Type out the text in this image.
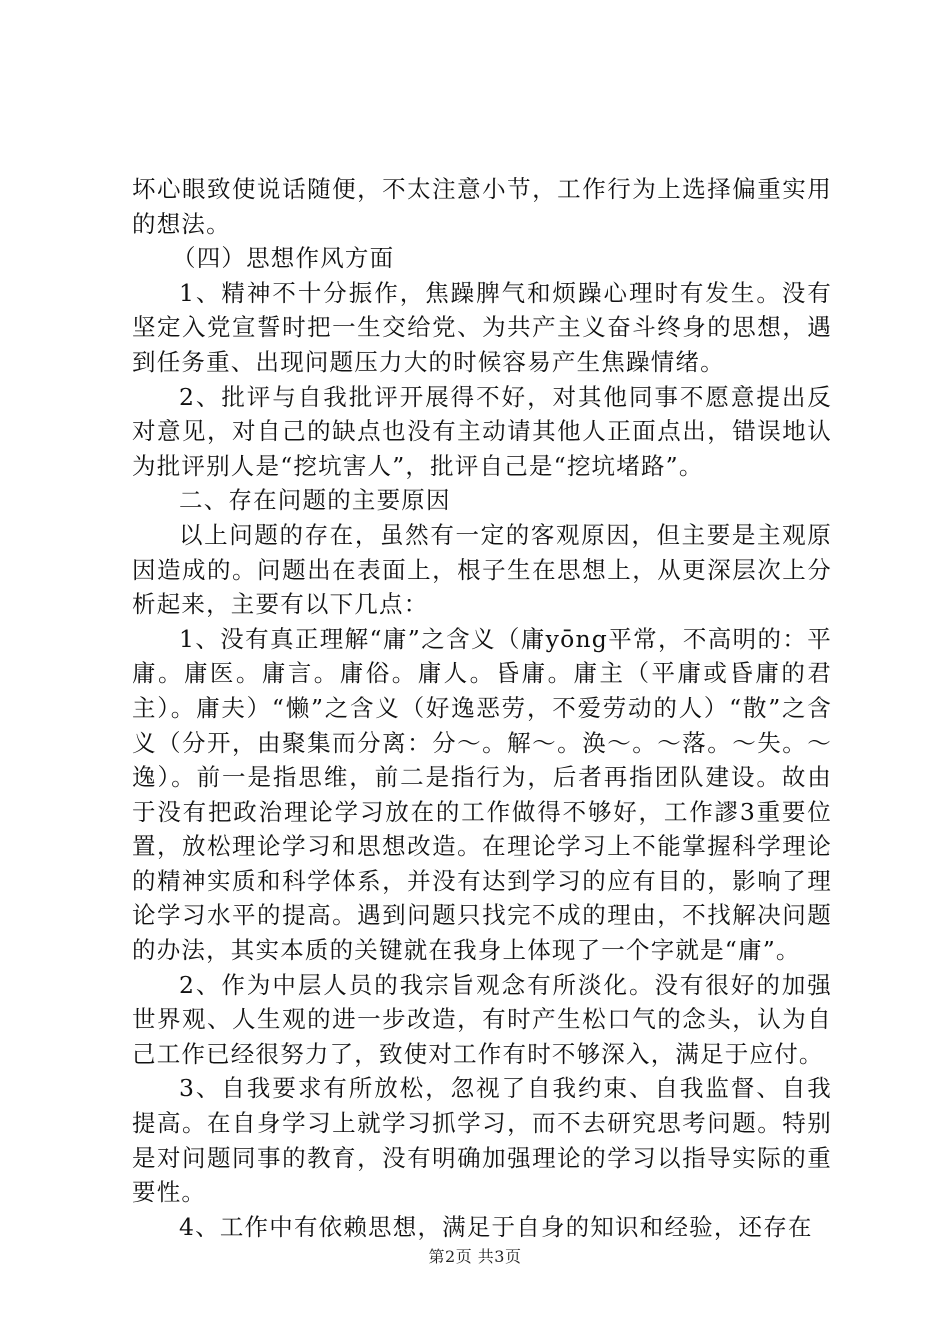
坏心眼致使说话随便，不太注意小节，工作行为上选择偏重实用的想法。

（四）思想作风方面

1、精神不十分振作，焦躁脾气和烦躁心理时有发生。没有坚定入党宣誓时把一生交给党、为共产主义奋斗终身的思想，遇到任务重、出现问题压力大的时候容易产生焦躁情绪。

2、批评与自我批评开展得不好，对其他同事不愿意提出反对意见，对自己的缺点也没有主动请其他人正面点出，错误地认为批评别人是“挖坑害人”，批评自己是“挖坑堵路”。

二、存在问题的主要原因

以上问题的存在，虽然有一定的客观原因，但主要是主观原因造成的。问题出在表面上，根子生在思想上，从更深层次上分析起来，主要有以下几点：

1、没有真正理解“庸”之含义（庸yōng平常，不高明的：平庸。庸医。庸言。庸俗。庸人。昏庸。庸主（平庸或昏庸的君主）。庸夫）“懒”之含义（好逸恶劳，不爱劳动的人）“散”之含义（分开，由聚集而分离：分～。解～。涣～。～落。～失。～逸）。前一是指思维，前二是指行为，后者再指团队建设。故由于没有把政治理论学习放在的工作做得不够好，工作謬3重要位置，放松理论学习和思想改造。在理论学习上不能掌握科学理论的精神实质和科学体系，并没有达到学习的应有目的，影响了理论学习水平的提高。遇到问题只找完不成的理由，不找解决问题的办法，其实本质的关键就在我身上体现了一个字就是“庸”。

2、作为中层人员的我宗旨观念有所淡化。没有很好的加强世界观、人生观的进一步改造，有时产生松口气的念头，认为自己工作已经很努力了，致使对工作有时不够深入，满足于应付。

3、自我要求有所放松，忽视了自我约束、自我监督、自我提高。在自身学习上就学习抓学习，而不去研究思考问题。特别是对问题同事的教育，没有明确加强理论的学习以指导实际的重要性。

4、工作中有依赖思想，满足于自身的知识和经验，还存在

第2页 共3页
